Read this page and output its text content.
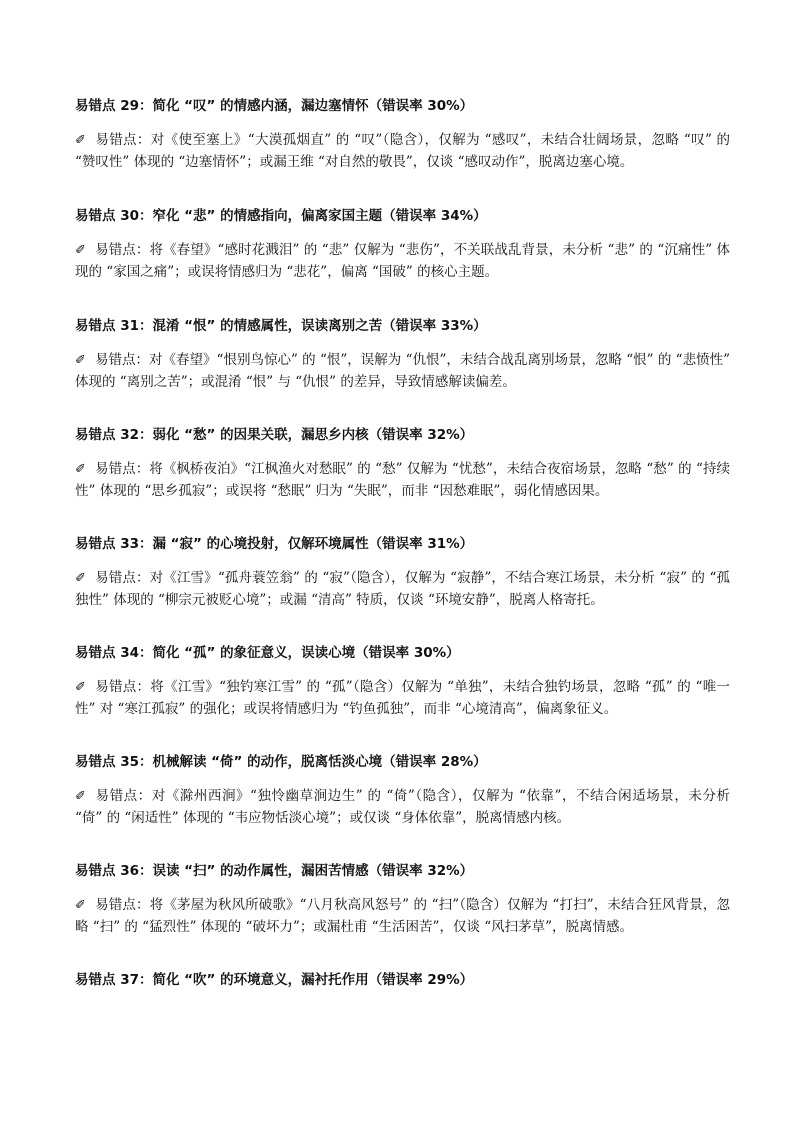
易错点 29：简化 “叹” 的情感内涵，漏边塞情怀（错误率 30%）
✐ 易错点：对《使至塞上》“大漠孤烟直” 的 “叹”（隐含），仅解为 “感叹”，未结合壮阔场景，忽略 “叹” 的 “赞叹性” 体现的 “边塞情怀”；或漏王维 “对自然的敬畏”，仅谈 “感叹动作”，脱离边塞心境。
易错点 30：窄化 “悲” 的情感指向，偏离家国主题（错误率 34%）
✐ 易错点：将《春望》“感时花溅泪” 的 “悲” 仅解为 “悲伤”，不关联战乱背景，未分析 “悲” 的 “沉痛性” 体现的 “家国之痛”；或误将情感归为 “悲花”，偏离 “国破” 的核心主题。
易错点 31：混淆 “恨” 的情感属性，误读离别之苦（错误率 33%）
✐ 易错点：对《春望》“恨别鸟惊心” 的 “恨”，误解为 “仇恨”，未结合战乱离别场景，忽略 “恨” 的 “悲愤性” 体现的 “离别之苦”；或混淆 “恨” 与 “仇恨” 的差异，导致情感解读偏差。
易错点 32：弱化 “愁” 的因果关联，漏思乡内核（错误率 32%）
✐ 易错点：将《枫桥夜泊》“江枫渔火对愁眠” 的 “愁” 仅解为 “忧愁”，未结合夜宿场景，忽略 “愁” 的 “持续性” 体现的 “思乡孤寂”；或误将 “愁眠” 归为 “失眠”，而非 “因愁难眠”，弱化情感因果。
易错点 33：漏 “寂” 的心境投射，仅解环境属性（错误率 31%）
✐ 易错点：对《江雪》“孤舟蓑笠翁” 的 “寂”（隐含），仅解为 “寂静”，不结合寒江场景，未分析 “寂” 的 “孤独性” 体现的 “柳宗元被贬心境”；或漏 “清高” 特质，仅谈 “环境安静”，脱离人格寄托。
易错点 34：简化 “孤” 的象征意义，误读心境（错误率 30%）
✐ 易错点：将《江雪》“独钓寒江雪” 的 “孤”（隐含）仅解为 “单独”，未结合独钓场景，忽略 “孤” 的 “唯一性” 对 “寒江孤寂” 的强化；或误将情感归为 “钓鱼孤独”，而非 “心境清高”，偏离象征义。
易错点 35：机械解读 “倚” 的动作，脱离恬淡心境（错误率 28%）
✐ 易错点：对《滁州西涧》“独怜幽草涧边生” 的 “倚”（隐含），仅解为 “依靠”，不结合闲适场景，未分析 “倚” 的 “闲适性” 体现的 “韦应物恬淡心境”；或仅谈 “身体依靠”，脱离情感内核。
易错点 36：误读 “扫” 的动作属性，漏困苦情感（错误率 32%）
✐ 易错点：将《茅屋为秋风所破歌》“八月秋高风怒号” 的 “扫”（隐含）仅解为 “打扫”，未结合狂风背景，忽略 “扫” 的 “猛烈性” 体现的 “破坏力”；或漏杜甫 “生活困苦”，仅谈 “风扫茅草”，脱离情感。
易错点 37：简化 “吹” 的环境意义，漏衬托作用（错误率 29%）
